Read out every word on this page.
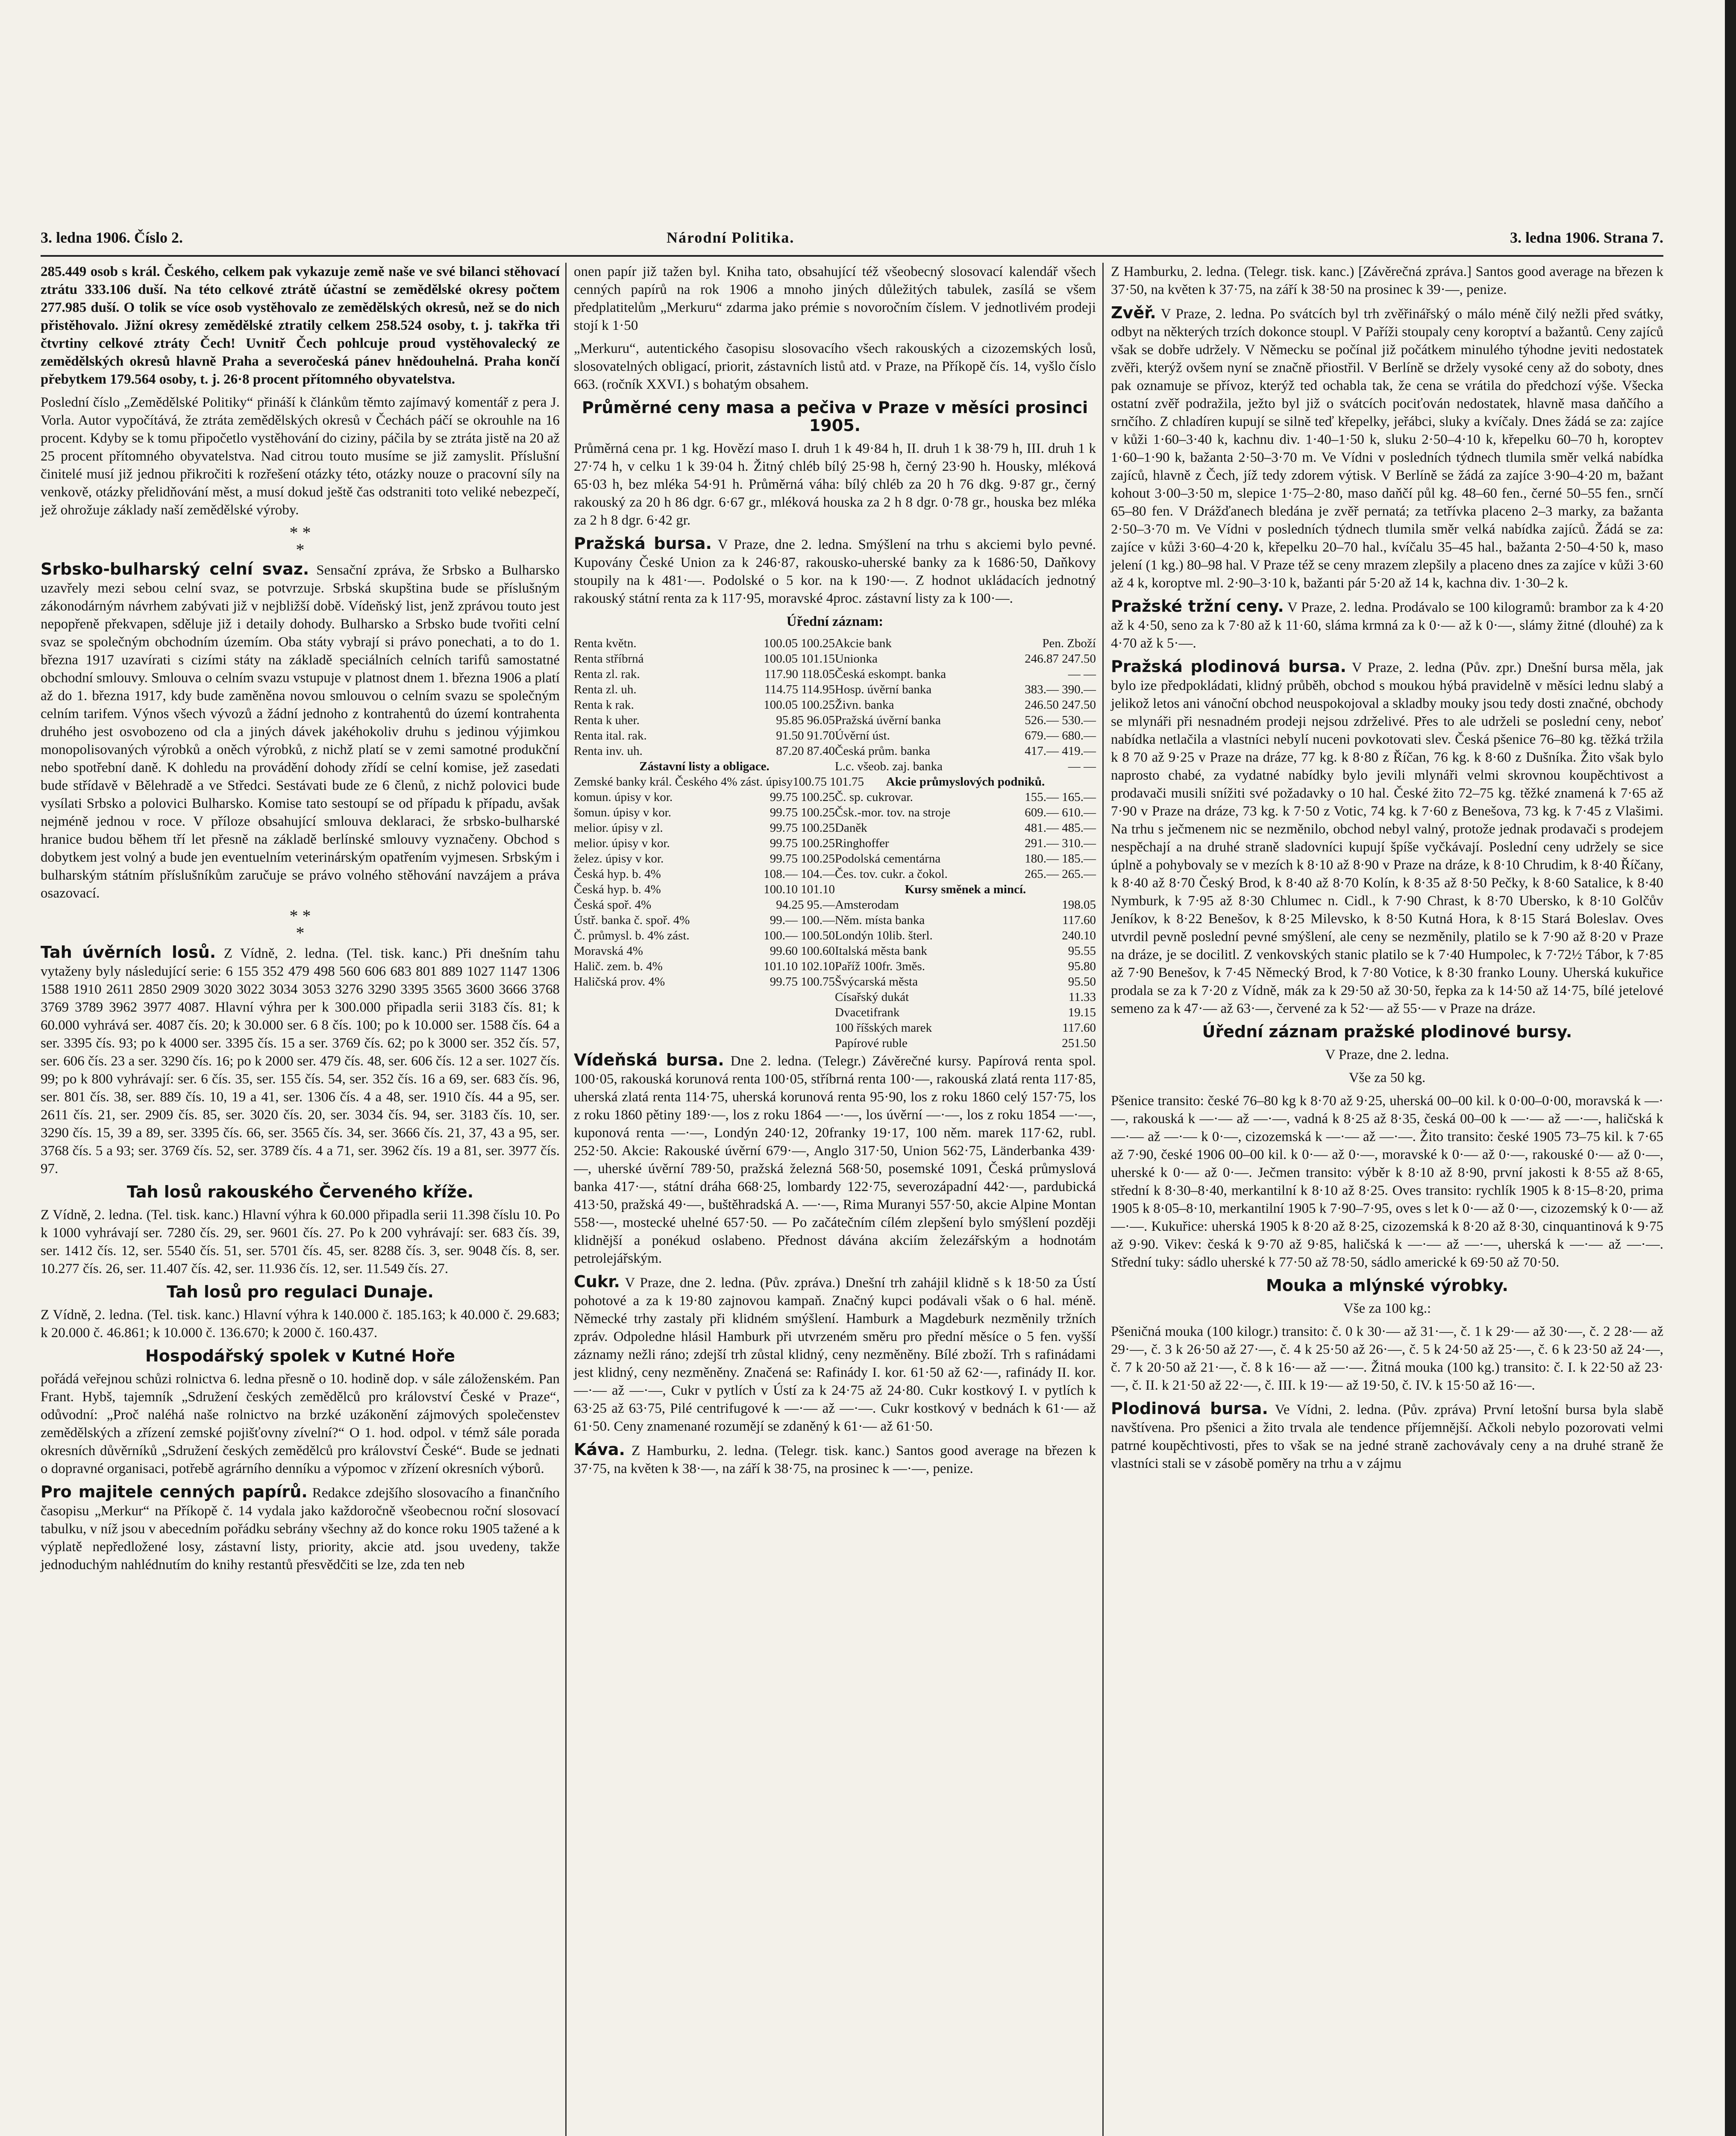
3. ledna 1906. Číslo 2.	Národní Politika.	3. ledna 1906. Strana 7.

285.449 osob s král. Českého, celkem pak vykazuje země naše ve své bilanci stěhovací ztrátu 333.106 duší. Na této celkové ztrátě účastní se zemědělské okresy počtem 277.985 duší. O tolik se více osob vystěhovalo ze zemědělských okresů, než se do nich přistěhovalo. Jižní okresy zemědělské ztratily celkem 258.524 osoby, t. j. takřka tři čtvrtiny celkové ztráty Čech! Uvnitř Čech pohlcuje proud vystěhovalecký ze zemědělských okresů hlavně Praha a severočeská pánev hnědouhelná. Praha končí přebytkem 179.564 osoby, t. j. 26·8 procent přítomného obyvatelstva.

Poslední číslo „Zemědělské Politiky“ přináší k článkům těmto zajímavý komentář z pera J. Vorla. Autor vypočítává, že ztráta zemědělských okresů v Čechách páčí se okrouhle na 16 procent. Kdyby se k tomu připočetlo vystěhování do ciziny, páčila by se ztráta jistě na 20 až 25 procent přítomného obyvatelstva. Nad citrou touto musíme se již zamyslit. Příslušní činitelé musí již jednou přikročiti k rozřešení otázky této, otázky nouze o pracovní síly na venkově, otázky přelidňování měst, a musí dokud ještě čas odstraniti toto veliké nebezpečí, jež ohrožuje základy naší zemědělské výroby.

* *
*

Srbsko-bulharský celní svaz. Sensační zpráva, že Srbsko a Bulharsko uzavřely mezi sebou celní svaz, se potvrzuje. Srbská skupština bude se příslušným zákonodárným návrhem zabývati již v nejbližší době. Vídeňský list, jenž zprávou touto jest nepopřeně překvapen, sděluje již i detaily dohody. Bulharsko a Srbsko bude tvořiti celní svaz se společným obchodním územím. Oba státy vybrají si právo ponechati, a to do 1. března 1917 uzavírati s cizími státy na základě speciálních celních tarifů samostatné obchodní smlouvy. Smlouva o celním svazu vstupuje v platnost dnem 1. března 1906 a platí až do 1. března 1917, kdy bude zaměněna novou smlouvou o celním svazu se společným celním tarifem. Výnos všech vývozů a žádní jednoho z kontrahentů do území kontrahenta druhého jest osvobozeno od cla a jiných dávek jakéhokoliv druhu s jedinou výjimkou monopolisovaných výrobků a oněch výrobků, z nichž platí se v zemi samotné produkční nebo spotřební daně. K dohledu na provádění dohody zřídí se celní komise, jež zasedati bude střídavě v Bělehradě a ve Středci. Sestávati bude ze 6 členů, z nichž polovici bude vysílati Srbsko a polovici Bulharsko. Komise tato sestoupí se od případu k případu, avšak nejméně jednou v roce. V příloze obsahující smlouva deklaraci, že srbsko-bulharské hranice budou během tří let přesně na základě berlínské smlouvy vyznačeny. Obchod s dobytkem jest volný a bude jen eventuelním veterinárským opatřením vyjmesen. Srbským i bulharským státním příslušníkům zaručuje se právo volného stěhování navzájem a práva osazovací.

* *
*

Tah úvěrních losů. Z Vídně, 2. ledna. (Tel. tisk. kanc.) Při dnešním tahu vytaženy byly následující serie: 6 155 352 479 498 560 606 683 801 889 1027 1147 1306 1588 1910 2611 2850 2909 3020 3022 3034 3053 3276 3290 3395 3565 3600 3666 3768 3769 3789 3962 3977 4087. Hlavní výhra per k 300.000 připadla serii 3183 čís. 81; k 60.000 vyhrává ser. 4087 čís. 20; k 30.000 ser. 6 8 čís. 100; po k 10.000 ser. 1588 čís. 64 a ser. 3395 čís. 93; po k 4000 ser. 3395 čís. 15 a ser. 3769 čís. 62; po k 3000 ser. 352 čís. 57, ser. 606 čís. 23 a ser. 3290 čís. 16; po k 2000 ser. 479 čís. 48, ser. 606 čís. 12 a ser. 1027 čís. 99; po k 800 vyhrávají: ser. 6 čís. 35, ser. 155 čís. 54, ser. 352 čís. 16 a 69, ser. 683 čís. 96, ser. 801 čís. 38, ser. 889 čís. 10, 19 a 41, ser. 1306 čís. 4 a 48, ser. 1910 čís. 44 a 95, ser. 2611 čís. 21, ser. 2909 čís. 85, ser. 3020 čís. 20, ser. 3034 čís. 94, ser. 3183 čís. 10, ser. 3290 čís. 15, 39 a 89, ser. 3395 čís. 66, ser. 3565 čís. 34, ser. 3666 čís. 21, 37, 43 a 95, ser. 3768 čís. 5 a 93; ser. 3769 čís. 52, ser. 3789 čís. 4 a 71, ser. 3962 čís. 19 a 81, ser. 3977 čís. 97.

Tah losů rakouského Červeného kříže.

Z Vídně, 2. ledna. (Tel. tisk. kanc.) Hlavní výhra k 60.000 připadla serii 11.398 číslu 10. Po k 1000 vyhrávají ser. 7280 čís. 29, ser. 9601 čís. 27. Po k 200 vyhrávají: ser. 683 čís. 39, ser. 1412 čís. 12, ser. 5540 čís. 51, ser. 5701 čís. 45, ser. 8288 čís. 3, ser. 9048 čís. 8, ser. 10.277 čís. 26, ser. 11.407 čís. 42, ser. 11.936 čís. 12, ser. 11.549 čís. 27.

Tah losů pro regulaci Dunaje.

Z Vídně, 2. ledna. (Tel. tisk. kanc.) Hlavní výhra k 140.000 č. 185.163; k 40.000 č. 29.683; k 20.000 č. 46.861; k 10.000 č. 136.670; k 2000 č. 160.437.

Hospodářský spolek v Kutné Hoře

pořádá veřejnou schůzi rolnictva 6. ledna přesně o 10. hodině dop. v sále záloženském. Pan Frant. Hybš, tajemník „Sdružení českých zemědělců pro království České v Praze“, odůvodní: „Proč naléhá naše rolnictvo na brzké uzákonění zájmových společenstev zemědělských a zřízení zemské pojišťovny zívelní?“ O 1. hod. odpol. v témž sále porada okresních důvěrníků „Sdružení českých zemědělců pro království České“. Bude se jednati o dopravné organisaci, potřebě agrárního denníku a výpomoc v zřízení okresních výborů.

Pro majitele cenných papírů. Redakce zdejšího slosovacího a finančního časopisu „Merkur“ na Příkopě č. 14 vydala jako každoročně všeobecnou roční slosovací tabulku, v níž jsou v abecedním pořádku sebrány všechny až do konce roku 1905 tažené a k výplatě nepředložené losy, zástavní listy, priority, akcie atd. jsou uvedeny, takže jednoduchým nahlédnutím do knihy restantů přesvědčiti se lze, zda ten neb

onen papír již tažen byl. Kniha tato, obsahující též všeobecný slosovací kalendář všech cenných papírů na rok 1906 a mnoho jiných důležitých tabulek, zasílá se všem předplatitelům „Merkuru“ zdarma jako prémie s novoročním číslem. V jednotlivém prodeji stojí k 1·50

„Merkuru“, autentického časopisu slosovacího všech rakouských a cizozemských losů, slosovatelných obligací, priorit, zástavních listů atd. v Praze, na Příkopě čís. 14, vyšlo číslo 663. (ročník XXVI.) s bohatým obsahem.

Průměrné ceny masa a pečiva v Praze v měsíci prosinci 1905.

Průměrná cena pr. 1 kg. Hovězí maso I. druh 1 k 49·84 h, II. druh 1 k 38·79 h, III. druh 1 k 27·74 h, v celku 1 k 39·04 h. Žitný chléb bílý 25·98 h, černý 23·90 h. Housky, mléková 65·03 h, bez mléka 54·91 h. Průměrná váha: bílý chléb za 20 h 76 dkg. 9·87 gr., černý rakouský za 20 h 86 dgr. 6·67 gr., mléková houska za 2 h 8 dgr. 0·78 gr., houska bez mléka za 2 h 8 dgr. 6·42 gr.

Pražská bursa. V Praze, dne 2. ledna. Smýšlení na trhu s akciemi bylo pevné. Kupovány České Union za k 246·87, rakousko-uherské banky za k 1686·50, Daňkovy stoupily na k 481·—. Podolské o 5 kor. na k 190·—. Z hodnot ukládacích jednotný rakouský státní renta za k 117·95, moravské 4proc. zástavní listy za k 100·—.

Úřední záznam:

Renta květn.	100.05 100.25
Renta stříbrná	100.05 101.15
Renta zl. rak.	117.90 118.05
Renta zl. uh.	114.75 114.95
Renta k rak.	100.05 100.25
Renta k uher.	95.85 96.05
Renta ital. rak.	91.50 91.70
Renta inv. uh.	87.20 87.40
Zástavní listy a obligace.
Zemské banky král. Českého 4% zást. úpisy 100.75 101.75
komun. úpisy v kor.	99.75 100.25
šomun. úpisy v kor.	99.75 100.25
melior. úpisy v zl.	99.75 100.25
melior. úpisy v kor.	99.75 100.25
želez. úpisy v kor.	99.75 100.25
Česká hyp. b. 4%	108.— 104.—
Česká hyp. b. 4%	100.10 101.10
Česká spoř. 4%	94.25 95.—
Ústř. banka č. spoř. 4%	99.— 100.—
Č. průmysl. b. 4% zást.	100.— 100.50
Moravská 4%	99.60 100.60
Halič. zem. b. 4%	101.10 102.10
Haličská prov. 4%	99.75 100.75
Akcie bank	Pen. Zboží
Unionka	246.87 247.50
Česká eskompt. banka	— —
Hosp. úvěrní banka	383.— 390.—
Živn. banka	246.50 247.50
Pražská úvěrní banka	526.— 530.—
Úvěrní úst.	679.— 680.—
Česká prům. banka	417.— 419.—
L.c. všeob. zaj. banka	— —
Akcie průmyslových podniků.
Č. sp. cukrovar.	155.— 165.—
Čsk.-mor. tov. na stroje	609.— 610.—
Daněk	481.— 485.—
Ringhoffer	291.— 310.—
Podolská cementárna	180.— 185.—
Čes. tov. cukr. a čokol.	265.— 265.—
Kursy směnek a mincí.
Amsterodam	198.05
Něm. místa banka	117.60
Londýn 10lib. šterl.	240.10
Italská města bank	95.55
Paříž 100fr. 3měs.	95.80
Švýcarská města	95.50
Císařský dukát	11.33
Dvacetifrank	19.15
100 říšských marek	117.60
Papírové ruble	251.50

Vídeňská bursa. Dne 2. ledna. (Telegr.) Závěrečné kursy. Papírová renta spol. 100·05, rakouská korunová renta 100·05, stříbrná renta 100·—, rakouská zlatá renta 117·85, uherská zlatá renta 114·75, uherská korunová renta 95·90, los z roku 1860 celý 157·75, los z roku 1860 pětiny 189·—, los z roku 1864 —·—, los úvěrní —·—, los z roku 1854 —·—, kuponová renta —·—, Londýn 240·12, 20franky 19·17, 100 něm. marek 117·62, rubl. 252·50. Akcie: Rakouské úvěrní 679·—, Anglo 317·50, Union 562·75, Länderbanka 439·—, uherské úvěrní 789·50, pražská železná 568·50, posemské 1091, Česká průmyslová banka 417·—, státní dráha 668·25, lombardy 122·75, severozápadní 442·—, pardubická 413·50, pražská 49·—, buštěhradská A. —·—, Rima Muranyi 557·50, akcie Alpine Montan 558·—, mostecké uhelné 657·50. — Po začátečním cílém zlepšení bylo smýšlení později klidnější a ponékud oslabeno. Přednost dávána akciím železářským a hodnotám petrolejářským.

Cukr. V Praze, dne 2. ledna. (Pův. zpráva.) Dnešní trh zahájil klidně s k 18·50 za Ústí pohotové a za k 19·80 zajnovou kampaň. Značný kupci podávali však o 6 hal. méně. Německé trhy zastaly při klidném smýšlení. Hamburk a Magdeburk nezměnily tržních zpráv. Odpoledne hlásil Hamburk při utvrzeném směru pro přední měsíce o 5 fen. vyšší záznamy nežli ráno; zdejší trh zůstal klidný, ceny nezměněny. Bílé zboží. Trh s rafinádami jest klidný, ceny nezměněny. Značená se: Rafinády I. kor. 61·50 až 62·—, rafinády II. kor. —·— až —·—, Cukr v pytlích v Ústí za k 24·75 až 24·80. Cukr kostkový I. v pytlích k 63·25 až 63·75, Pilé centrifugové k —·— až —·—. Cukr kostkový v bednách k 61·— až 61·50. Ceny znamenané rozumějí se zdaněný k 61·— až 61·50.

Káva. Z Hamburku, 2. ledna. (Telegr. tisk. kanc.) Santos good average na březen k 37·75, na květen k 38·—, na září k 38·75, na prosinec k —·—, penize.

Z Hamburku, 2. ledna. (Telegr. tisk. kanc.) [Závěrečná zpráva.] Santos good average na březen k 37·50, na květen k 37·75, na září k 38·50 na prosinec k 39·—, penize.

Zvěř. V Praze, 2. ledna. Po svátcích byl trh zvěřinářský o málo méně čilý nežli před svátky, odbyt na některých trzích dokonce stoupl. V Paříži stoupaly ceny koroptví a bažantů. Ceny zajíců však se dobře udržely. V Německu se počínal již počátkem minulého týhodne jeviti nedostatek zvěři, kterýž ovšem nyní se značně přiostřil. V Berlíně se držely vysoké ceny až do soboty, dnes pak oznamuje se přívoz, kterýž ted ochabla tak, že cena se vrátila do předchozí výše. Všecka ostatní zvěř podražila, ježto byl již o svátcích pociťován nedostatek, hlavně masa daňčího a srnčího. Z chladíren kupují se silně teď křepelky, jeřábci, sluky a kvíčaly. Dnes žádá se za: zajíce v kůži 1·60–3·40 k, kachnu div. 1·40–1·50 k, sluku 2·50–4·10 k, křepelku 60–70 h, koroptev 1·60–1·90 k, bažanta 2·50–3·70 m. Ve Vídni v posledních týdnech tlumila směr velká nabídka zajíců, hlavně z Čech, jíž tedy zdorem výtisk. V Berlíně se žádá za zajíce 3·90–4·20 m, bažant kohout 3·00–3·50 m, slepice 1·75–2·80, maso daňčí půl kg. 48–60 fen., černé 50–55 fen., srnčí 65–80 fen. V Drážďanech bledána je zvěř pernatá; za tetřívka placeno 2–3 marky, za bažanta 2·50–3·70 m. Ve Vídni v posledních týdnech tlumila směr velká nabídka zajíců. Žádá se za: zajíce v kůži 3·60–4·20 k, křepelku 20–70 hal., kvíčalu 35–45 hal., bažanta 2·50–4·50 k, maso jelení (1 kg.) 80–98 hal. V Praze též se ceny mrazem zlepšily a placeno dnes za zajíce v kůži 3·60 až 4 k, koroptve ml. 2·90–3·10 k, bažanti pár 5·20 až 14 k, kachna div. 1·30–2 k.

Pražské tržní ceny. V Praze, 2. ledna. Prodávalo se 100 kilogramů: brambor za k 4·20 až k 4·50, seno za k 7·80 až k 11·60, sláma krmná za k 0·— až k 0·—, slámy žitné (dlouhé) za k 4·70 až k 5·—.

Pražská plodinová bursa. V Praze, 2. ledna (Pův. zpr.) Dnešní bursa měla, jak bylo ize předpokládati, klidný průběh, obchod s moukou hýbá pravidelně v měsíci lednu slabý a jelikož letos ani vánoční obchod neuspokojoval a skladby mouky jsou tedy dosti značné, obchody se mlynáři při nesnadném prodeji nejsou zdrželivé. Přes to ale udrželi se poslední ceny, neboť nabídka netlačila a vlastníci nebylí nuceni povkotovati slev. Česká pšenice 76–80 kg. těžká tržila k 8 70 až 9·25 v Praze na dráze, 77 kg. k 8·80 z Říčan, 76 kg. k 8·60 z Dušníka. Žito však bylo naprosto chabé, za vydatné nabídky bylo jevili mlynáři velmi skrovnou koupěchtivost a prodavači musili snížiti své požadavky o 10 hal. České žito 72–75 kg. těžké znamená k 7·65 až 7·90 v Praze na dráze, 73 kg. k 7·50 z Votic, 74 kg. k 7·60 z Benešova, 73 kg. k 7·45 z Vlašimi. Na trhu s ječmenem nic se nezměnilo, obchod nebyl valný, protože jednak prodavači s prodejem nespěchají a na druhé straně sladovníci kupují špíše vyčkávají. Poslední ceny udržely se sice úplně a pohybovaly se v mezích k 8·10 až 8·90 v Praze na dráze, k 8·10 Chrudim, k 8·40 Říčany, k 8·40 až 8·70 Český Brod, k 8·40 až 8·70 Kolín, k 8·35 až 8·50 Pečky, k 8·60 Satalice, k 8·40 Nymburk, k 7·95 až 8·30 Chlumec n. Cidl., k 7·90 Chrast, k 8·70 Ubersko, k 8·10 Golčův Jeníkov, k 8·22 Benešov, k 8·25 Milevsko, k 8·50 Kutná Hora, k 8·15 Stará Boleslav. Oves utvrdil pevně poslední pevné smýšlení, ale ceny se nezměnily, platilo se k 7·90 až 8·20 v Praze na dráze, je se docilitl. Z venkovských stanic platilo se k 7·40 Humpolec, k 7·72½ Tábor, k 7·85 až 7·90 Benešov, k 7·45 Německý Brod, k 7·80 Votice, k 8·30 franko Louny. Uherská kukuřice prodala se za k 7·20 z Vídně, mák za k 29·50 až 30·50, řepka za k 14·50 až 14·75, bílé jetelové semeno za k 47·— až 63·—, červené za k 52·— až 55·— v Praze na dráze.

Úřední záznam pražské plodinové bursy.

V Praze, dne 2. ledna.

Vše za 50 kg.

Pšenice transito: české 76–80 kg k 8·70 až 9·25, uherská 00–00 kil. k 0·00–0·00, moravská k —·—, rakouská k —·— až —·—, vadná k 8·25 až 8·35, česká 00–00 k —·— až —·—, haličská k —·— až —·— k 0·—, cizozemská k —·— až —·—. Žito transito: české 1905 73–75 kil. k 7·65 až 7·90, české 1906 00–00 kil. k 0·— až 0·—, moravské k 0·— až 0·—, rakouské 0·— až 0·—, uherské k 0·— až 0·—. Ječmen transito: výběr k 8·10 až 8·90, první jakosti k 8·55 až 8·65, střední k 8·30–8·40, merkantilní k 8·10 až 8·25. Oves transito: rychlík 1905 k 8·15–8·20, prima 1905 k 8·05–8·10, merkantilní 1905 k 7·90–7·95, oves s let k 0·— až 0·—, cizozemský k 0·— až —·—. Kukuřice: uherská 1905 k 8·20 až 8·25, cizozemská k 8·20 až 8·30, cinquantinová k 9·75 až 9·90. Vikev: česká k 9·70 až 9·85, haličská k —·— až —·—, uherská k —·— až —·—. Střední tuky: sádlo uherské k 77·50 až 78·50, sádlo americké k 69·50 až 70·50.

Mouka a mlýnské výrobky.

Vše za 100 kg.:

Pšeničná mouka (100 kilogr.) transito: č. 0 k 30·— až 31·—, č. 1 k 29·— až 30·—, č. 2 28·— až 29·—, č. 3 k 26·50 až 27·—, č. 4 k 25·50 až 26·—, č. 5 k 24·50 až 25·—, č. 6 k 23·50 až 24·—, č. 7 k 20·50 až 21·—, č. 8 k 16·— až —·—. Žitná mouka (100 kg.) transito: č. I. k 22·50 až 23·—, č. II. k 21·50 až 22·—, č. III. k 19·— až 19·50, č. IV. k 15·50 až 16·—.

Plodinová bursa. Ve Vídni, 2. ledna. (Pův. zpráva) První letošní bursa byla slabě navštívena. Pro pšenici a žito trvala ale tendence příjemnější. Ačkoli nebylo pozorovati velmi patrné koupěchtivosti, přes to však se na jedné straně zachovávaly ceny a na druhé straně že vlastníci stali se v zásobě poměry na trhu a v zájmu
